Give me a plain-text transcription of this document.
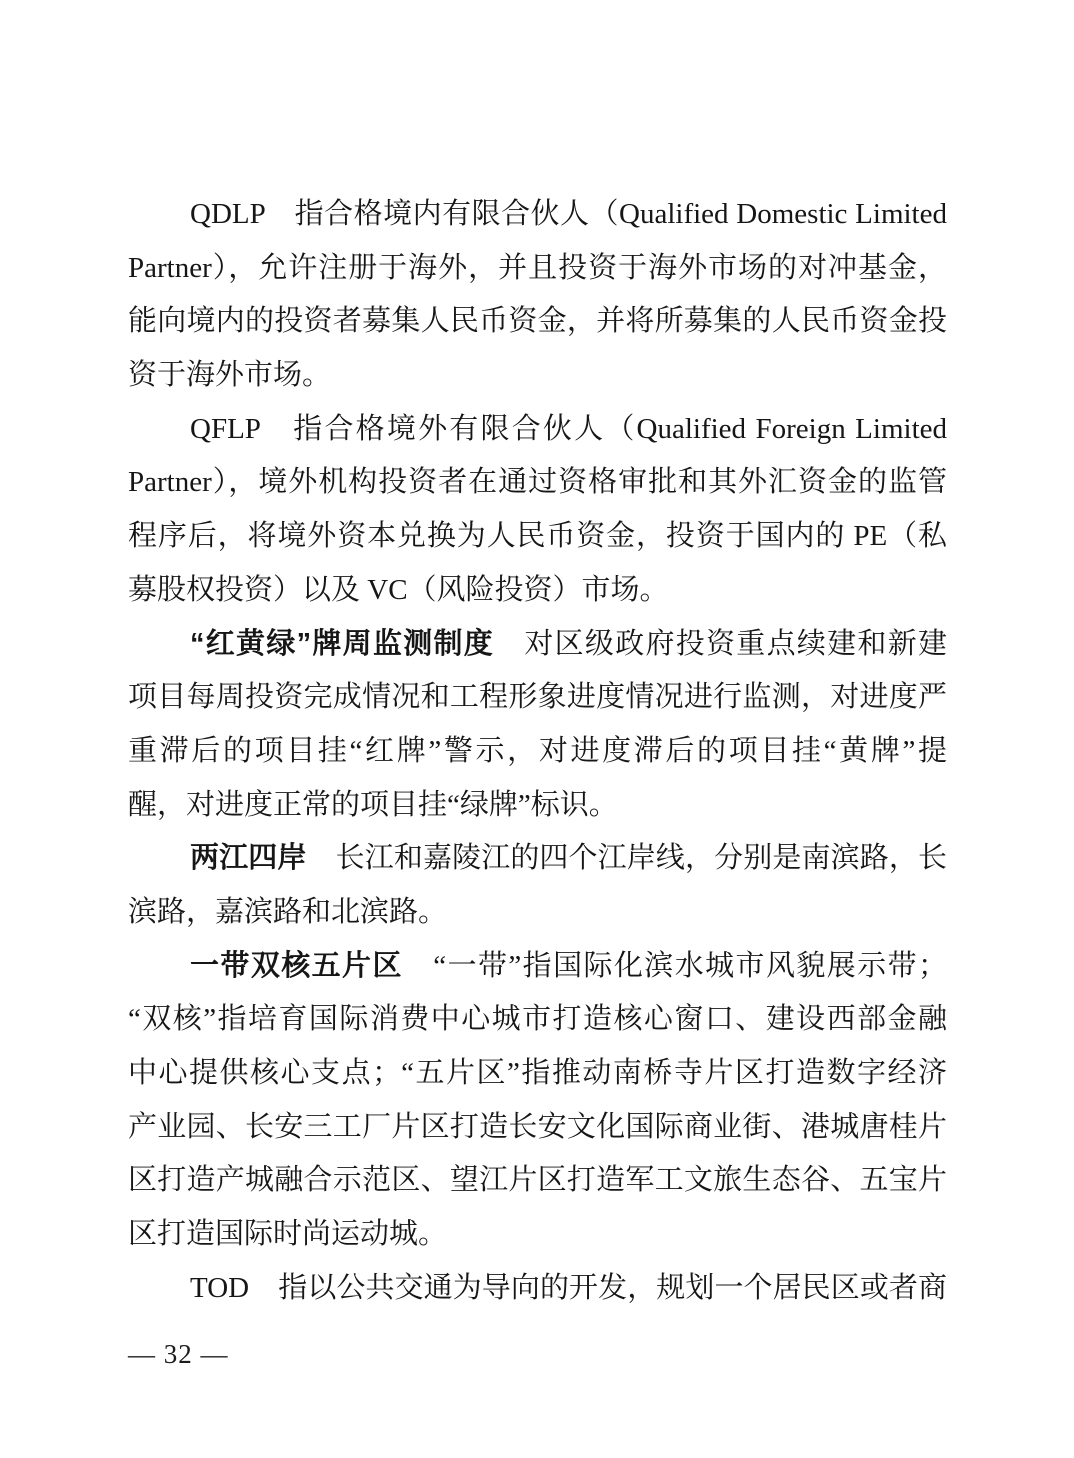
QDLP　指合格境内有限合伙人（Qualified Domestic Limited
Partner），允许注册于海外，并且投资于海外市场的对冲基金，
能向境内的投资者募集人民币资金，并将所募集的人民币资金投
资于海外市场。
QFLP　指合格境外有限合伙人（Qualified Foreign Limited
Partner），境外机构投资者在通过资格审批和其外汇资金的监管
程序后，将境外资本兑换为人民币资金，投资于国内的 PE（私
募股权投资）以及 VC（风险投资）市场。
“红黄绿”牌周监测制度　对区级政府投资重点续建和新建
项目每周投资完成情况和工程形象进度情况进行监测，对进度严
重滞后的项目挂“红牌”警示，对进度滞后的项目挂“黄牌”提
醒，对进度正常的项目挂“绿牌”标识。
两江四岸　长江和嘉陵江的四个江岸线，分别是南滨路，长
滨路，嘉滨路和北滨路。
一带双核五片区　“一带”指国际化滨水城市风貌展示带；
“双核”指培育国际消费中心城市打造核心窗口、建设西部金融
中心提供核心支点；“五片区”指推动南桥寺片区打造数字经济
产业园、长安三工厂片区打造长安文化国际商业街、港城唐桂片
区打造产城融合示范区、望江片区打造军工文旅生态谷、五宝片
区打造国际时尚运动城。
TOD　指以公共交通为导向的开发，规划一个居民区或者商
— 32 —
